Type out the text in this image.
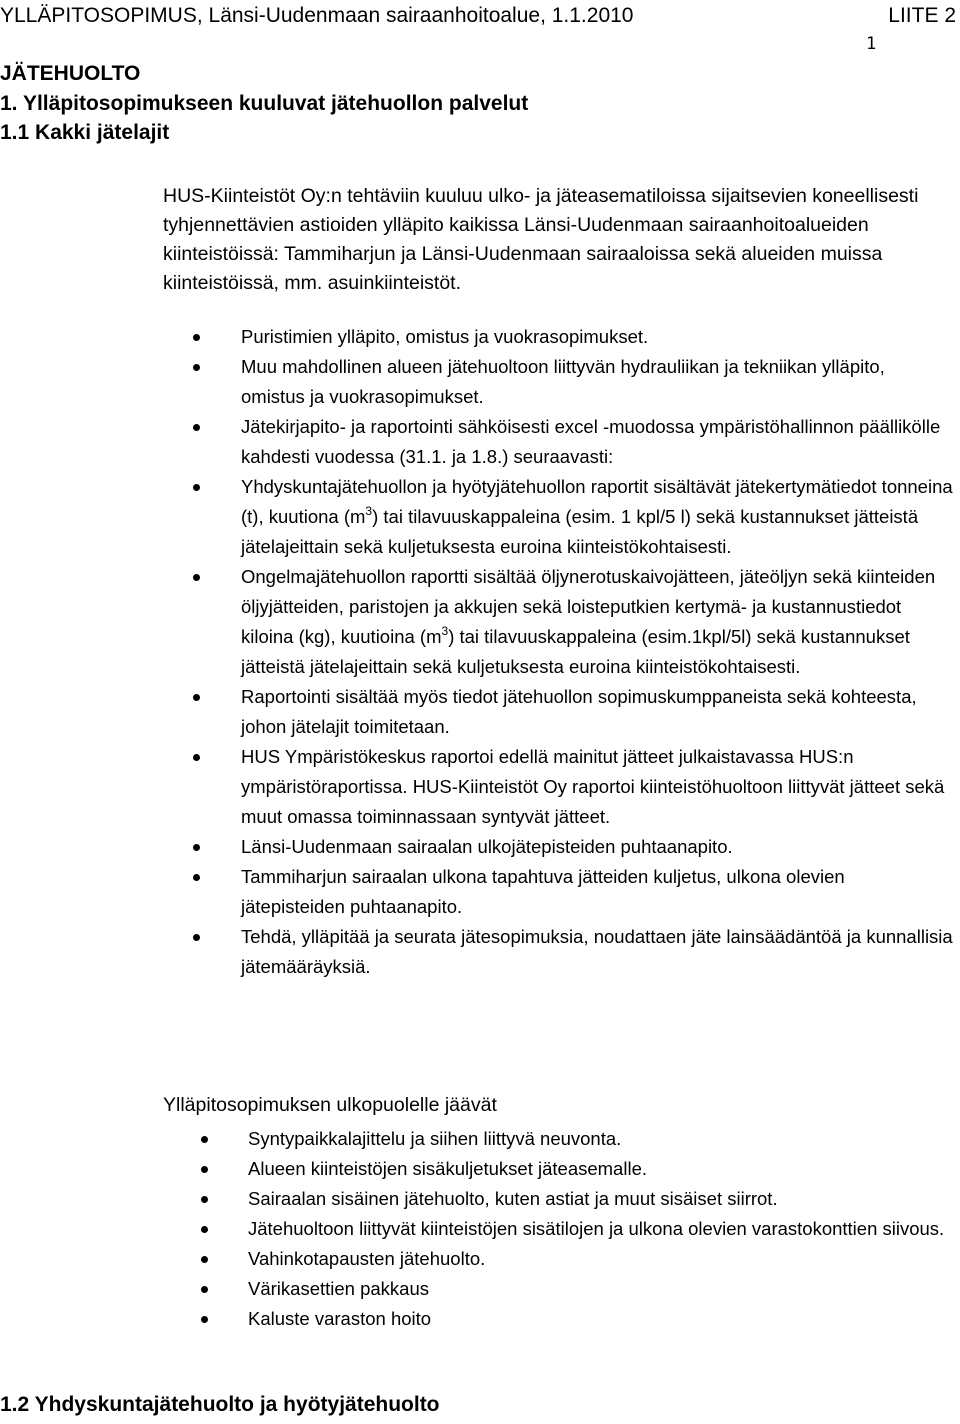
YLLÄPITOSOPIMUS, Länsi-Uudenmaan sairaanhoitoalue, 1.1.2010	LIITE 2
1
JÄTEHUOLTO
1. Ylläpitosopimukseen kuuluvat jätehuollon palvelut
1.1 Kakki jätelajit

HUS-Kiinteistöt Oy:n tehtäviin kuuluu ulko- ja jäteasematiloissa sijaitsevien koneellisesti tyhjennettävien astioiden ylläpito kaikissa Länsi-Uudenmaan sairaanhoitoalueiden kiinteistöissä: Tammiharjun ja Länsi-Uudenmaan sairaaloissa sekä alueiden muissa kiinteistöissä, mm. asuinkiinteistöt.

Puristimien ylläpito, omistus ja vuokrasopimukset.
Muu mahdollinen alueen jätehuoltoon liittyvän hydrauliikan ja tekniikan ylläpito, omistus ja vuokrasopimukset.
Jätekirjapito- ja raportointi sähköisesti excel -muodossa ympäristöhallinnon päällikölle kahdesti vuodessa (31.1. ja 1.8.) seuraavasti:
Yhdyskuntajätehuollon ja hyötyjätehuollon raportit sisältävät jätekertymätiedot tonneina (t), kuutiona $(m^3)$ tai tilavuuskappaleina (esim. 1 kpl/5 l) sekä kustannukset jätteistä jätelajeittain sekä kuljetuksesta euroina kiinteistökohtaisesti.
Ongelmajätehuollon raportti sisältää öljynerotuskaivojätteen, jäteöljyn sekä kiinteiden öljyjätteiden, paristojen ja akkujen sekä loisteputkien kertymä- ja kustannustiedot kiloina (kg), kuutioina $(m^3)$ tai tilavuuskappaleina (esim.1kpl/5l) sekä kustannukset jätteistä jätelajeittain sekä kuljetuksesta euroina kiinteistökohtaisesti.
Raportointi sisältää myös tiedot jätehuollon sopimuskumppaneista sekä kohteesta, johon jätelajit toimitetaan.
HUS Ympäristökeskus raportoi edellä mainitut jätteet julkaistavassa HUS:n ympäristöraportissa. HUS-Kiinteistöt Oy raportoi kiinteistöhuoltoon liittyvät jätteet sekä muut omassa toiminnassaan syntyvät jätteet.
Länsi-Uudenmaan sairaalan ulkojätepisteiden puhtaanapito.
Tammiharjun sairaalan ulkona tapahtuva jätteiden kuljetus, ulkona olevien jätepisteiden puhtaanapito.
Tehdä, ylläpitää ja seurata jätesopimuksia, noudattaen jäte lainsäädäntöä ja kunnallisia jätemääräyksiä.
Ylläpitosopimuksen ulkopuolelle jäävät
Syntypaikkalajittelu ja siihen liittyvä neuvonta.
Alueen kiinteistöjen sisäkuljetukset jäteasemalle.
Sairaalan sisäinen jätehuolto, kuten astiat ja muut sisäiset siirrot.
Jätehuoltoon liittyvät kiinteistöjen sisätilojen ja ulkona olevien varastokonttien siivous.
Vahinkotapausten jätehuolto.
Värikasettien pakkaus
Kaluste varaston hoito
1.2 Yhdyskuntajätehuolto ja hyötyjätehuolto
